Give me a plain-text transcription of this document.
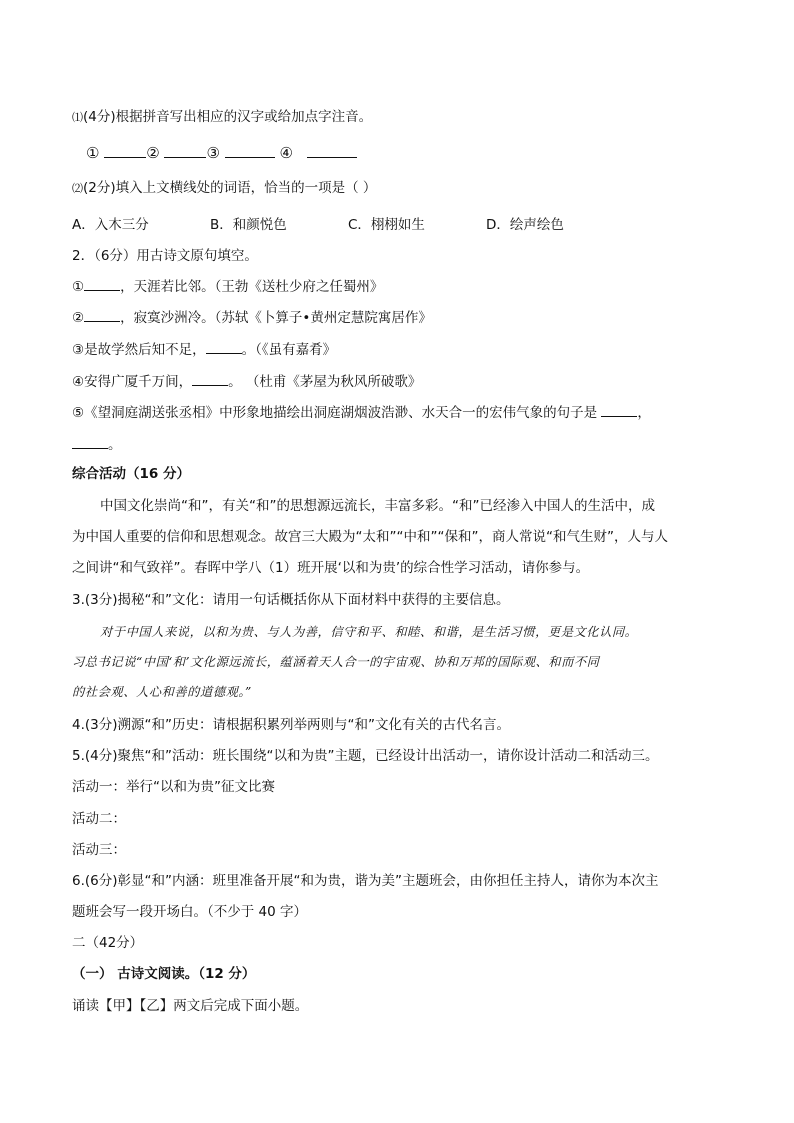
⑴(4分)根据拼音写出相应的汉字或给加点字注音。
①	②	③	④
⑵(2分)填入上文横线处的词语，恰当的一项是（ ）
A．入木三分	B．和颜悦色	C．栩栩如生	D．绘声绘色
2．（6分）用古诗文原句填空。
①	，天涯若比邻。（王勃《送杜少府之任蜀州》
②	，寂寞沙洲冷。（苏轼《卜算子•黄州定慧院寓居作》
③是故学然后知不足，	。（《虽有嘉肴》
④安得广厦千万间，	。 （杜甫《茅屋为秋风所破歌》
⑤《望洞庭湖送张丞相》中形象地描绘出洞庭湖烟波浩渺、水天合一的宏伟气象的句子是	，
。
综合活动（16 分）
中国文化崇尚“和”，有关“和”的思想源远流长，丰富多彩。“和”已经渗入中国人的生活中，成
为中国人重要的信仰和思想观念。故宫三大殿为“太和”“中和”“保和”，商人常说“和气生财”，人与人
之间讲“和气致祥”。春晖中学八（1）班开展‘以和为贵’的综合性学习活动，请你参与。
3.(3分)揭秘“和”文化：请用一句话概括你从下面材料中获得的主要信息。
对于中国人来说，以和为贵、与人为善，信守和平、和睦、和谐，是生活习惯，更是文化认同。
习总书记说“中国‘和’文化源远流长，蕴涵着天人合一的宇宙观、协和万邦的国际观、和而不同
的社会观、人心和善的道德观。”
4.(3分)溯源“和”历史：请根据积累列举两则与“和”文化有关的古代名言。
5.(4分)聚焦“和”活动：班长围绕“以和为贵”主题，已经设计出活动一，请你设计活动二和活动三。
活动一：举行“以和为贵”征文比赛
活动二：
活动三：
6.(6分)彰显“和”内涵：班里准备开展“和为贵，谐为美”主题班会，由你担任主持人，请你为本次主
题班会写一段开场白。（不少于 40 字）
二（42分）
（一） 古诗文阅读。（12 分）
诵读【甲】【乙】两文后完成下面小题。
